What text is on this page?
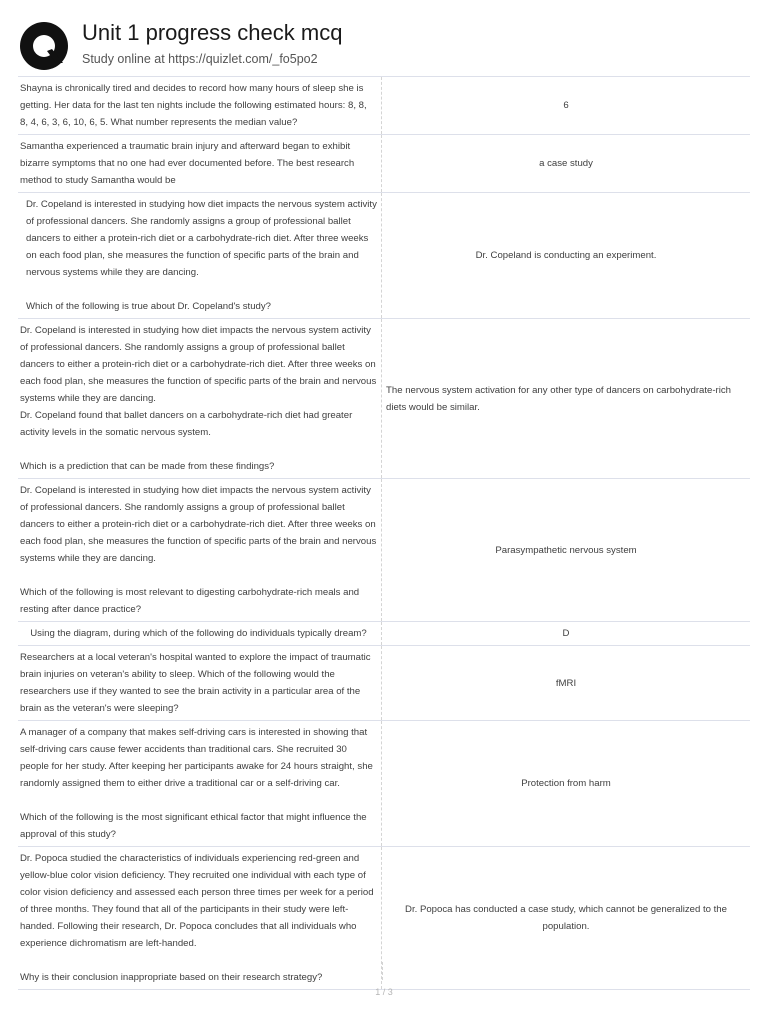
Unit 1 progress check mcq
Study online at https://quizlet.com/_fo5po2
Shayna is chronically tired and decides to record how many hours of sleep she is getting. Her data for the last ten nights include the following estimated hours: 8, 8, 8, 4, 6, 3, 6, 10, 6, 5. What number represents the median value?
6
Samantha experienced a traumatic brain injury and afterward began to exhibit bizarre symptoms that no one had ever documented before. The best research method to study Samantha would be
a case study
Dr. Copeland is interested in studying how diet impacts the nervous system activity of professional dancers. She randomly assigns a group of professional ballet dancers to either a protein-rich diet or a carbohydrate-rich diet. After three weeks on each food plan, she measures the function of specific parts of the brain and nervous systems while they are dancing.

Which of the following is true about Dr. Copeland's study?
Dr. Copeland is conducting an experiment.
Dr. Copeland is interested in studying how diet impacts the nervous system activity of professional dancers. She randomly assigns a group of professional ballet dancers to either a protein-rich diet or a carbohydrate-rich diet. After three weeks on each food plan, she measures the function of specific parts of the brain and nervous systems while they are dancing.
Dr. Copeland found that ballet dancers on a carbohydrate-rich diet had greater activity levels in the somatic nervous system.

Which is a prediction that can be made from these findings?
The nervous system activation for any other type of dancers on carbohydrate-rich diets would be similar.
Dr. Copeland is interested in studying how diet impacts the nervous system activity of professional dancers. She randomly assigns a group of professional ballet dancers to either a protein-rich diet or a carbohydrate-rich diet. After three weeks on each food plan, she measures the function of specific parts of the brain and nervous systems while they are dancing.

Which of the following is most relevant to digesting carbohydrate-rich meals and resting after dance practice?
Parasympathetic nervous system
Using the diagram, during which of the following do individuals typically dream?	D
Researchers at a local veteran's hospital wanted to explore the impact of traumatic brain injuries on veteran's ability to sleep. Which of the following would the researchers use if they wanted to see the brain activity in a particular area of the brain as the veteran's were sleeping?
fMRI
A manager of a company that makes self-driving cars is interested in showing that self-driving cars cause fewer accidents than traditional cars. She recruited 30 people for her study. After keeping her participants awake for 24 hours straight, she randomly assigned them to either drive a traditional car or a self-driving car.

Which of the following is the most significant ethical factor that might influence the approval of this study?
Protection from harm
Dr. Popoca studied the characteristics of individuals experiencing red-green and yellow-blue color vision deficiency. They recruited one individual with each type of color vision deficiency and assessed each person three times per week for a period of three months. They found that all of the participants in their study were left-handed. Following their research, Dr. Popoca concludes that all individuals who experience dichromatism are left-handed.

Why is their conclusion inappropriate based on their research strategy?
Dr. Popoca has conducted a case study, which cannot be generalized to the population.
1 / 3
